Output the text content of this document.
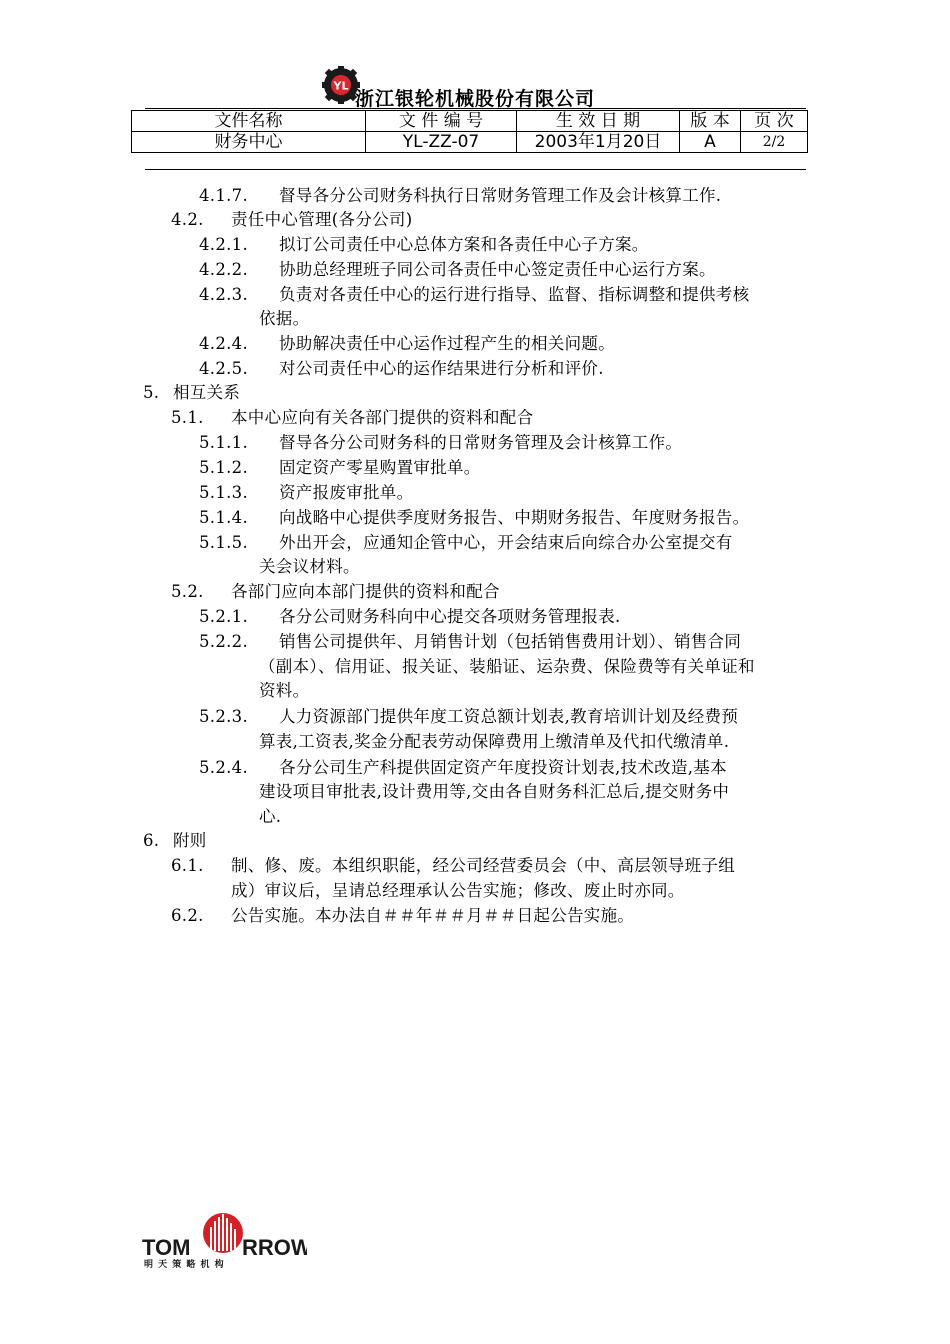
YL
浙江银轮机械股份有限公司
文件名称	文 件 编 号	生 效 日 期	版 本	页 次
财务中心	YL-ZZ-07	2003年1月20日	A	2/2
4.1.7. 督导各分公司财务科执行日常财务管理工作及会计核算工作.
4.2. 责任中心管理(各分公司)
4.2.1. 拟订公司责任中心总体方案和各责任中心子方案。
4.2.2. 协助总经理班子同公司各责任中心签定责任中心运行方案。
4.2.3. 负责对各责任中心的运行进行指导、监督、指标调整和提供考核
依据。
4.2.4. 协助解决责任中心运作过程产生的相关问题。
4.2.5. 对公司责任中心的运作结果进行分析和评价.
5. 相互关系
5.1. 本中心应向有关各部门提供的资料和配合
5.1.1. 督导各分公司财务科的日常财务管理及会计核算工作。
5.1.2. 固定资产零星购置审批单。
5.1.3. 资产报废审批单。
5.1.4. 向战略中心提供季度财务报告、中期财务报告、年度财务报告。
5.1.5. 外出开会，应通知企管中心，开会结束后向综合办公室提交有
关会议材料。
5.2. 各部门应向本部门提供的资料和配合
5.2.1. 各分公司财务科向中心提交各项财务管理报表.
5.2.2. 销售公司提供年、月销售计划（包括销售费用计划）、销售合同
（副本）、信用证、报关证、装船证、运杂费、保险费等有关单证和
资料。
5.2.3. 人力资源部门提供年度工资总额计划表,教育培训计划及经费预
算表,工资表,奖金分配表劳动保障费用上缴清单及代扣代缴清单.
5.2.4. 各分公司生产科提供固定资产年度投资计划表,技术改造,基本
建设项目审批表,设计费用等,交由各自财务科汇总后,提交财务中
心.
6. 附则
6.1. 制、修、废。本组织职能，经公司经营委员会（中、高层领导班子组
成）审议后，呈请总经理承认公告实施；修改、废止时亦同。
6.2. 公告实施。本办法自＃＃年＃＃月＃＃日起公告实施。
TOM RROW
明 天 策 略 机 构
